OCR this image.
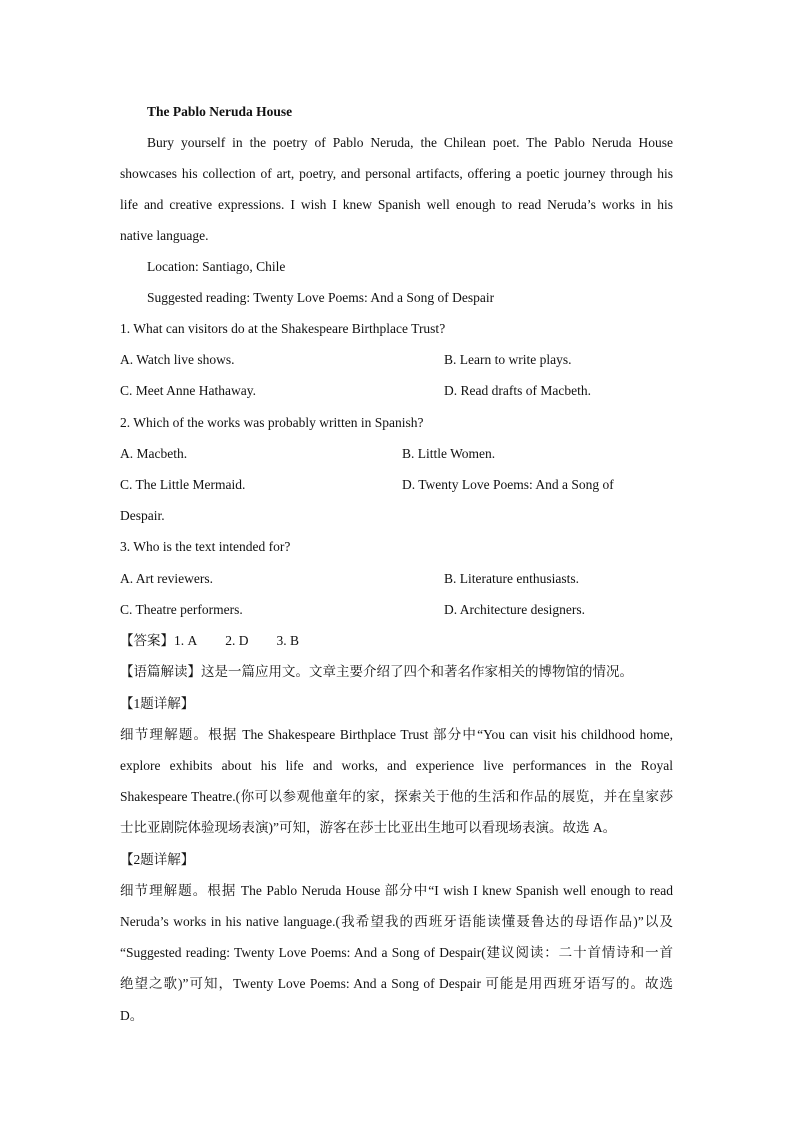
The Pablo Neruda House
Bury yourself in the poetry of Pablo Neruda, the Chilean poet. The Pablo Neruda House
showcases his collection of art, poetry, and personal artifacts, offering a poetic journey through his
life and creative expressions. I wish I knew Spanish well enough to read Neruda’s works in his
native language.
Location: Santiago, Chile
Suggested reading: Twenty Love Poems: And a Song of Despair
1. What can visitors do at the Shakespeare Birthplace Trust?
A. Watch live shows.	B. Learn to write plays.
C. Meet Anne Hathaway.	D. Read drafts of Macbeth.
2. Which of the works was probably written in Spanish?
A. Macbeth.	B. Little Women.
C. The Little Mermaid.	D. Twenty Love Poems: And a Song of
Despair.
3. Who is the text intended for?
A. Art reviewers.	B. Literature enthusiasts.
C. Theatre performers.	D. Architecture designers.
【答案】1. A 2. D 3. B
【语篇解读】这是一篇应用文。文章主要介绍了四个和著名作家相关的博物馆的情况。
【1题详解】
细节理解题。根据 The Shakespeare Birthplace Trust 部分中“You can visit his childhood home,
explore exhibits about his life and works, and experience live performances in the Royal
Shakespeare Theatre.(你可以参观他童年的家，探索关于他的生活和作品的展览，并在皇家莎
士比亚剧院体验现场表演)”可知，游客在莎士比亚出生地可以看现场表演。故选 A。
【2题详解】
细节理解题。根据 The Pablo Neruda House 部分中“I wish I knew Spanish well enough to read
Neruda’s works in his native language.(我希望我的西班牙语能读懂聂鲁达的母语作品)”以及
“Suggested reading: Twenty Love Poems: And a Song of Despair(建议阅读：二十首情诗和一首
绝望之歌)”可知，Twenty Love Poems: And a Song of Despair 可能是用西班牙语写的。故选
D。
